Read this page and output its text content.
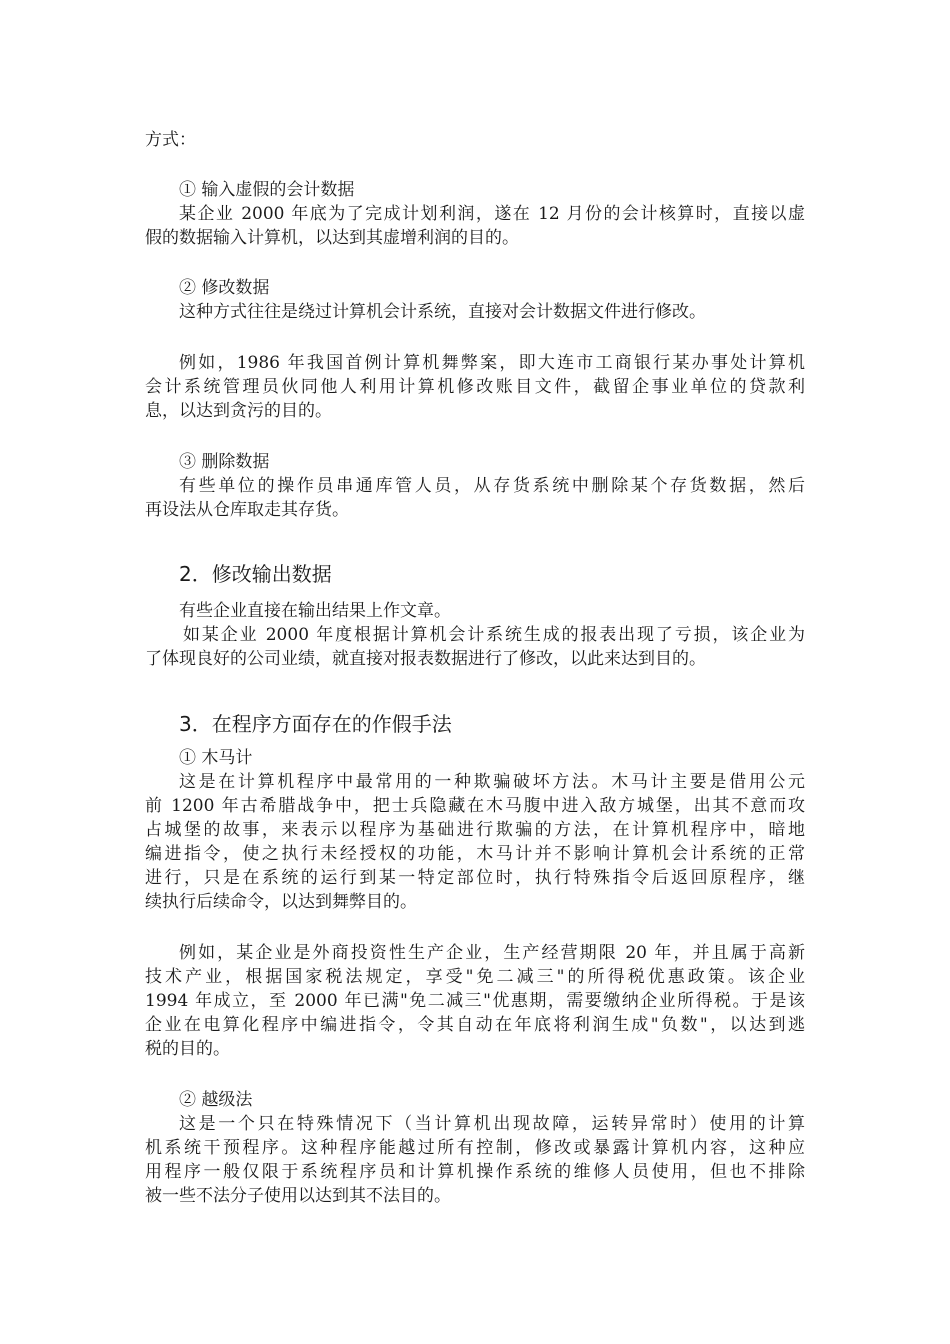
方式：
① 输入虚假的会计数据
某企业 2000 年底为了完成计划利润，遂在 12 月份的会计核算时，直接以虚
假的数据输入计算机，以达到其虚增利润的目的。
② 修改数据
这种方式往往是绕过计算机会计系统，直接对会计数据文件进行修改。
例如，1986 年我国首例计算机舞弊案，即大连市工商银行某办事处计算机
会计系统管理员伙同他人利用计算机修改账目文件，截留企事业单位的贷款利
息，以达到贪污的目的。
③ 删除数据
有些单位的操作员串通库管人员，从存货系统中删除某个存货数据，然后
再设法从仓库取走其存货。
2．修改输出数据
有些企业直接在输出结果上作文章。
如某企业 2000 年度根据计算机会计系统生成的报表出现了亏损，该企业为
了体现良好的公司业绩，就直接对报表数据进行了修改，以此来达到目的。
3．在程序方面存在的作假手法
① 木马计
这是在计算机程序中最常用的一种欺骗破坏方法。木马计主要是借用公元
前 1200 年古希腊战争中，把士兵隐藏在木马腹中进入敌方城堡，出其不意而攻
占城堡的故事，来表示以程序为基础进行欺骗的方法，在计算机程序中，暗地
编进指令，使之执行未经授权的功能，木马计并不影响计算机会计系统的正常
进行，只是在系统的运行到某一特定部位时，执行特殊指令后返回原程序，继
续执行后续命令，以达到舞弊目的。
例如，某企业是外商投资性生产企业，生产经营期限 20 年，并且属于高新
技术产业，根据国家税法规定，享受"免二减三"的所得税优惠政策。该企业
1994 年成立，至 2000 年已满"免二减三"优惠期，需要缴纳企业所得税。于是该
企业在电算化程序中编进指令，令其自动在年底将利润生成"负数"，以达到逃
税的目的。
② 越级法
这是一个只在特殊情况下（当计算机出现故障，运转异常时）使用的计算
机系统干预程序。这种程序能越过所有控制，修改或暴露计算机内容，这种应
用程序一般仅限于系统程序员和计算机操作系统的维修人员使用，但也不排除
被一些不法分子使用以达到其不法目的。
